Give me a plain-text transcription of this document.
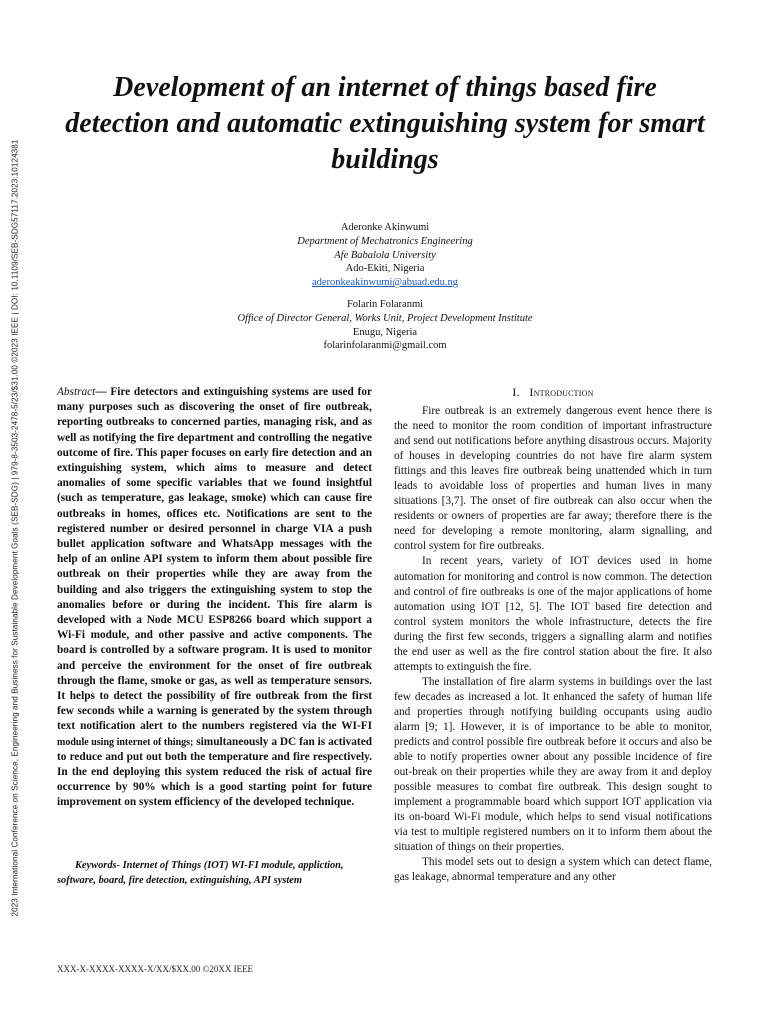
2023 International Conference on Science, Engineering and Business for Sustainable Development Goals (SEB-SDG) | 979-8-3503-2478-5/23/$31.00 ©2023 IEEE | DOI: 10.1109/SEB-SDG57117.2023.10124381
Development of an internet of things based fire detection and automatic extinguishing system for smart buildings
Aderonke Akinwumi
Department of Mechatronics Engineering
Afe Babalola University
Ado-Ekiti, Nigeria
aderonkeakinwumi@abuad.edu.ng
Folarin Folaranmi
Office of Director General, Works Unit, Project Development Institute
Enugu, Nigeria
folarinfolaranmi@gmail.com

Abstract— Fire detectors and extinguishing systems are used for many purposes such as discovering the onset of fire outbreak, reporting outbreaks to concerned parties, managing risk, and as well as notifying the fire department and controlling the negative outcome of fire. This paper focuses on early fire detection and an extinguishing system, which aims to measure and detect anomalies of some specific variables that we found insightful (such as temperature, gas leakage, smoke) which can cause fire outbreaks in homes, offices etc. Notifications are sent to the registered number or desired personnel in charge VIA a push bullet application software and WhatsApp messages with the help of an online API system to inform them about possible fire outbreak on their properties while they are away from the building and also triggers the extinguishing system to stop the anomalies before or during the incident. This fire alarm is developed with a Node MCU ESP8266 board which support a Wi-Fi module, and other passive and active components. The board is controlled by a software program. It is used to monitor and perceive the environment for the onset of fire outbreak through the flame, smoke or gas, as well as temperature sensors. It helps to detect the possibility of fire outbreak from the first few seconds while a warning is generated by the system through text notification alert to the numbers registered via the WI-FI module using internet of things; simultaneously a DC fan is activated to reduce and put out both the temperature and fire respectively. In the end deploying this system reduced the risk of actual fire occurrence by 90% which is a good starting point for future improvement on system efficiency of the developed technique.

Keywords- Internet of Things (IOT) WI-FI module, appliction, software, board, fire detection, extinguishing, API system

I. Introduction

Fire outbreak is an extremely dangerous event hence there is the need to monitor the room condition of important infrastructure and send out notifications before anything disastrous occurs. Majority of houses in developing countries do not have fire alarm system fittings and this leaves fire outbreak being unattended which in turn leads to avoidable loss of properties and human lives in many situations [3,7]. The onset of fire outbreak can also occur when the residents or owners of properties are far away; therefore there is the need for developing a remote monitoring, alarm signalling, and control system for fire outbreaks.

In recent years, variety of IOT devices used in home automation for monitoring and control is now common. The detection and control of fire outbreaks is one of the major applications of home automation using IOT [12, 5]. The IOT based fire detection and control system monitors the whole infrastructure, detects the fire during the first few seconds, triggers a signalling alarm and notifies the end user as well as the fire control station about the fire. It also attempts to extinguish the fire.

The installation of fire alarm systems in buildings over the last few decades as increased a lot. It enhanced the safety of human life and properties through notifying building occupants using audio alarm [9; 1]. However, it is of importance to be able to monitor, predicts and control possible fire outbreak before it occurs and also be able to notify properties owner about any possible incidence of fire out-break on their properties while they are away from it and deploy possible measures to combat fire outbreak. This design sought to implement a programmable board which support IOT application via its on-board Wi-Fi module, which helps to send visual notifications via test to multiple registered numbers on it to inform them about the situation of things on their properties.

This model sets out to design a system which can detect flame, gas leakage, abnormal temperature and any other

XXX-X-XXXX-XXXX-X/XX/$XX.00 ©20XX IEEE
